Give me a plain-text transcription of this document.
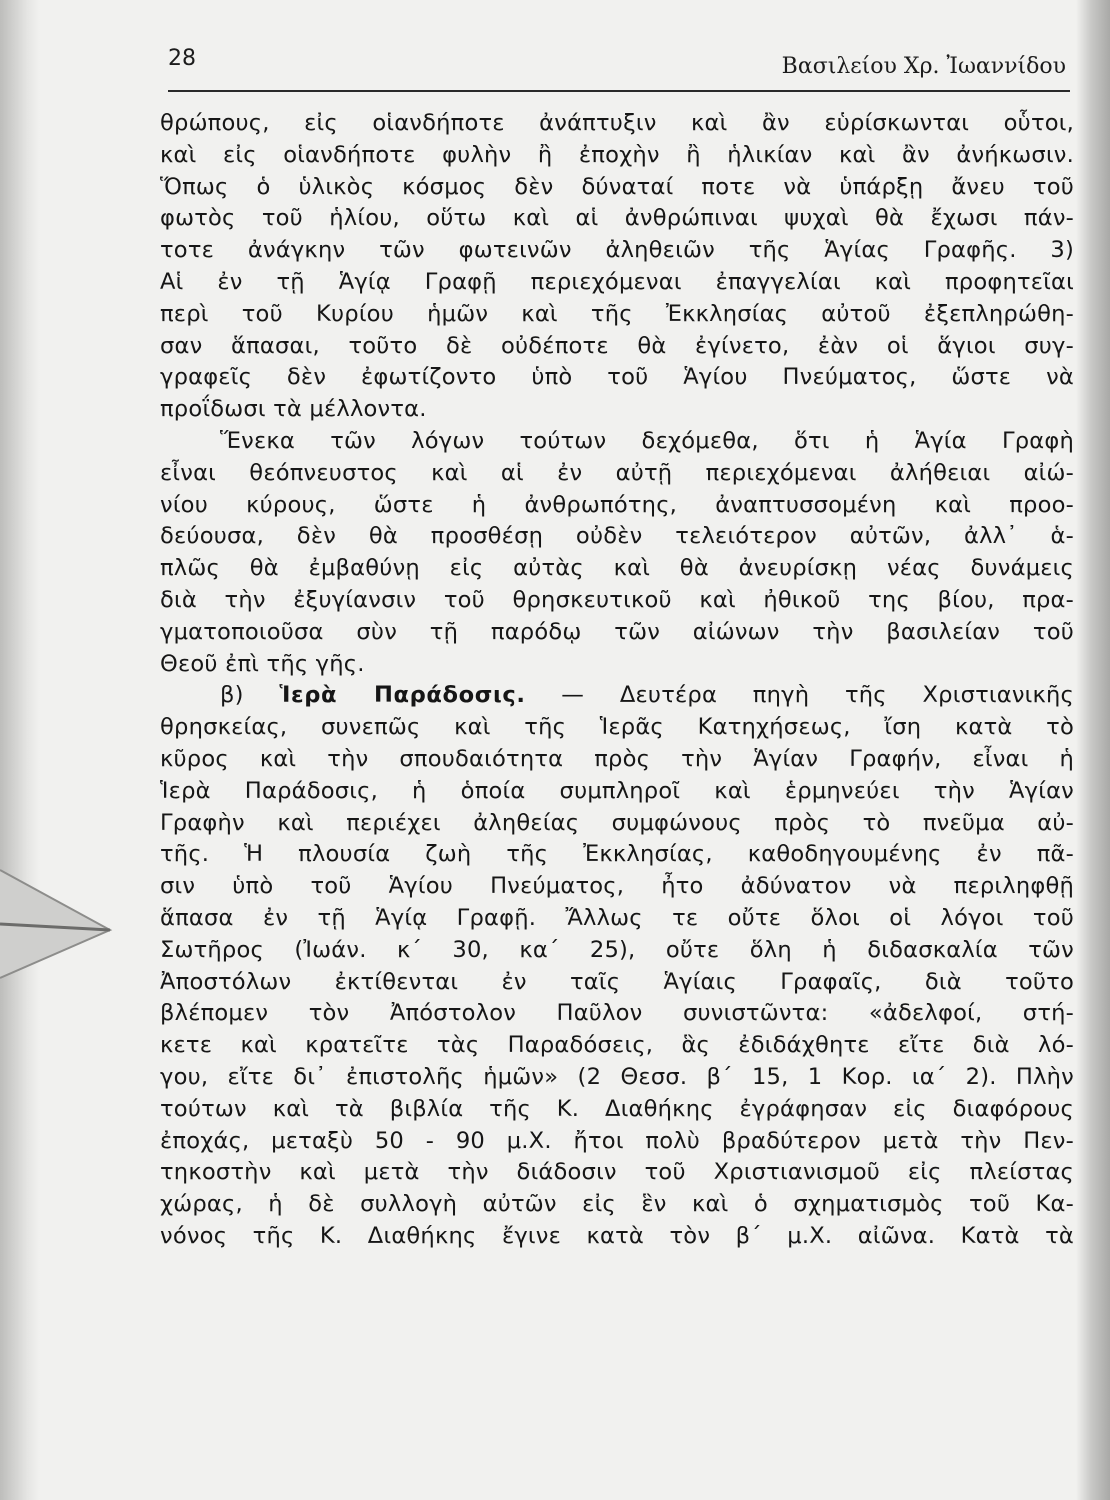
28	Βασιλείου Χρ. Ἰωαννίδου
θρώπους, εἰς οἱανδήποτε ἀνάπτυξιν καὶ ἂν εὑρίσκωνται οὗτοι,
καὶ εἰς οἱανδήποτε φυλὴν ἢ ἐποχὴν ἢ ἡλικίαν καὶ ἂν ἀνήκωσιν.
Ὅπως ὁ ὑλικὸς κόσμος δὲν δύναταί ποτε νὰ ὑπάρξῃ ἄνευ τοῦ
φωτὸς τοῦ ἡλίου, οὕτω καὶ αἱ ἀνθρώπιναι ψυχαὶ θὰ ἔχωσι πάν-
τοτε ἀνάγκην τῶν φωτεινῶν ἀληθειῶν τῆς Ἁγίας Γραφῆς. 3)
Αἱ ἐν τῇ Ἁγίᾳ Γραφῇ περιεχόμεναι ἐπαγγελίαι καὶ προφητεῖαι
περὶ τοῦ Κυρίου ἡμῶν καὶ τῆς Ἐκκλησίας αὐτοῦ ἐξεπληρώθη-
σαν ἅπασαι, τοῦτο δὲ οὐδέποτε θὰ ἐγίνετο, ἐὰν οἱ ἅγιοι συγ-
γραφεῖς δὲν ἐφωτίζοντο ὑπὸ τοῦ Ἁγίου Πνεύματος, ὥστε νὰ
προΐδωσι τὰ μέλλοντα.
Ἕνεκα τῶν λόγων τούτων δεχόμεθα, ὅτι ἡ Ἁγία Γραφὴ
εἶναι θεόπνευστος καὶ αἱ ἐν αὐτῇ περιεχόμεναι ἀλήθειαι αἰώ-
νίου κύρους, ὥστε ἡ ἀνθρωπότης, ἀναπτυσσομένη καὶ προο-
δεύουσα, δὲν θὰ προσθέσῃ οὐδὲν τελειότερον αὐτῶν, ἀλλ᾿ ἁ-
πλῶς θὰ ἐμβαθύνῃ εἰς αὐτὰς καὶ θὰ ἀνευρίσκῃ νέας δυνάμεις
διὰ τὴν ἐξυγίανσιν τοῦ θρησκευτικοῦ καὶ ἠθικοῦ της βίου, πρα-
γματοποιοῦσα σὺν τῇ παρόδῳ τῶν αἰώνων τὴν βασιλείαν τοῦ
Θεοῦ ἐπὶ τῆς γῆς.
β) Ἱερὰ Παράδοσις. — Δευτέρα πηγὴ τῆς Χριστιανικῆς
θρησκείας, συνεπῶς καὶ τῆς Ἱερᾶς Κατηχήσεως, ἴση κατὰ τὸ
κῦρος καὶ τὴν σπουδαιότητα πρὸς τὴν Ἁγίαν Γραφήν, εἶναι ἡ
Ἱερὰ Παράδοσις, ἡ ὁποία συμπληροῖ καὶ ἑρμηνεύει τὴν Ἁγίαν
Γραφὴν καὶ περιέχει ἀληθείας συμφώνους πρὸς τὸ πνεῦμα αὐ-
τῆς. Ἡ πλουσία ζωὴ τῆς Ἐκκλησίας, καθοδηγουμένης ἐν πᾶ-
σιν ὑπὸ τοῦ Ἁγίου Πνεύματος, ἦτο ἀδύνατον νὰ περιληφθῇ
ἅπασα ἐν τῇ Ἁγίᾳ Γραφῇ. Ἄλλως τε οὔτε ὅλοι οἱ λόγοι τοῦ
Σωτῆρος (Ἰωάν. κ΄ 30, κα΄ 25), οὔτε ὅλη ἡ διδασκαλία τῶν
Ἀποστόλων ἐκτίθενται ἐν ταῖς Ἁγίαις Γραφαῖς, διὰ τοῦτο
βλέπομεν τὸν Ἀπόστολον Παῦλον συνιστῶντα: «ἀδελφοί, στή-
κετε καὶ κρατεῖτε τὰς Παραδόσεις, ἃς ἐδιδάχθητε εἴτε διὰ λό-
γου, εἴτε δι᾿ ἐπιστολῆς ἡμῶν» (2 Θεσσ. β΄ 15, 1 Κορ. ια΄ 2). Πλὴν
τούτων καὶ τὰ βιβλία τῆς Κ. Διαθήκης ἐγράφησαν εἰς διαφόρους
ἐποχάς, μεταξὺ 50 - 90 μ.Χ. ἤτοι πολὺ βραδύτερον μετὰ τὴν Πεν-
τηκοστὴν καὶ μετὰ τὴν διάδοσιν τοῦ Χριστιανισμοῦ εἰς πλείστας
χώρας, ἡ δὲ συλλογὴ αὐτῶν εἰς ἓν καὶ ὁ σχηματισμὸς τοῦ Κα-
νόνος τῆς Κ. Διαθήκης ἔγινε κατὰ τὸν β΄ μ.Χ. αἰῶνα. Κατὰ τὰ
